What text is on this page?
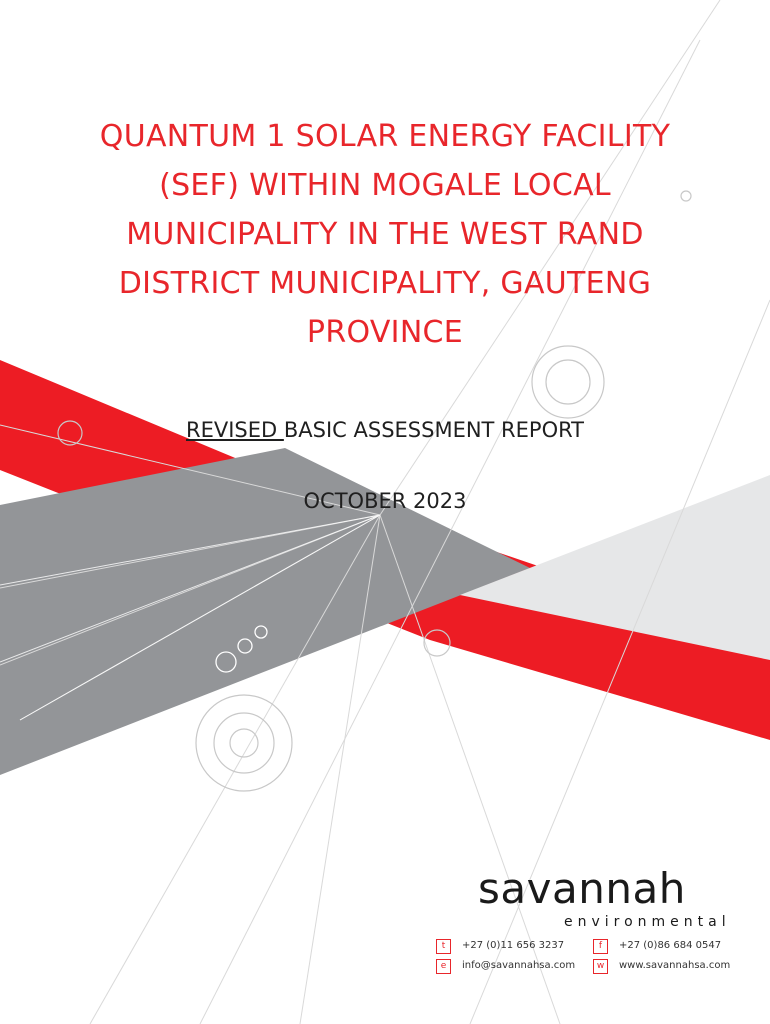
QUANTUM 1 SOLAR ENERGY FACILITY
(SEF) WITHIN MOGALE LOCAL
MUNICIPALITY IN THE WEST RAND
DISTRICT MUNICIPALITY, GAUTENG
PROVINCE
REVISED BASIC ASSESSMENT REPORT
OCTOBER 2023
savannah
environmental
t	+27 (0)11 656 3237	f	+27 (0)86 684 0547
e	info@savannahsa.com	w	www.savannahsa.com
